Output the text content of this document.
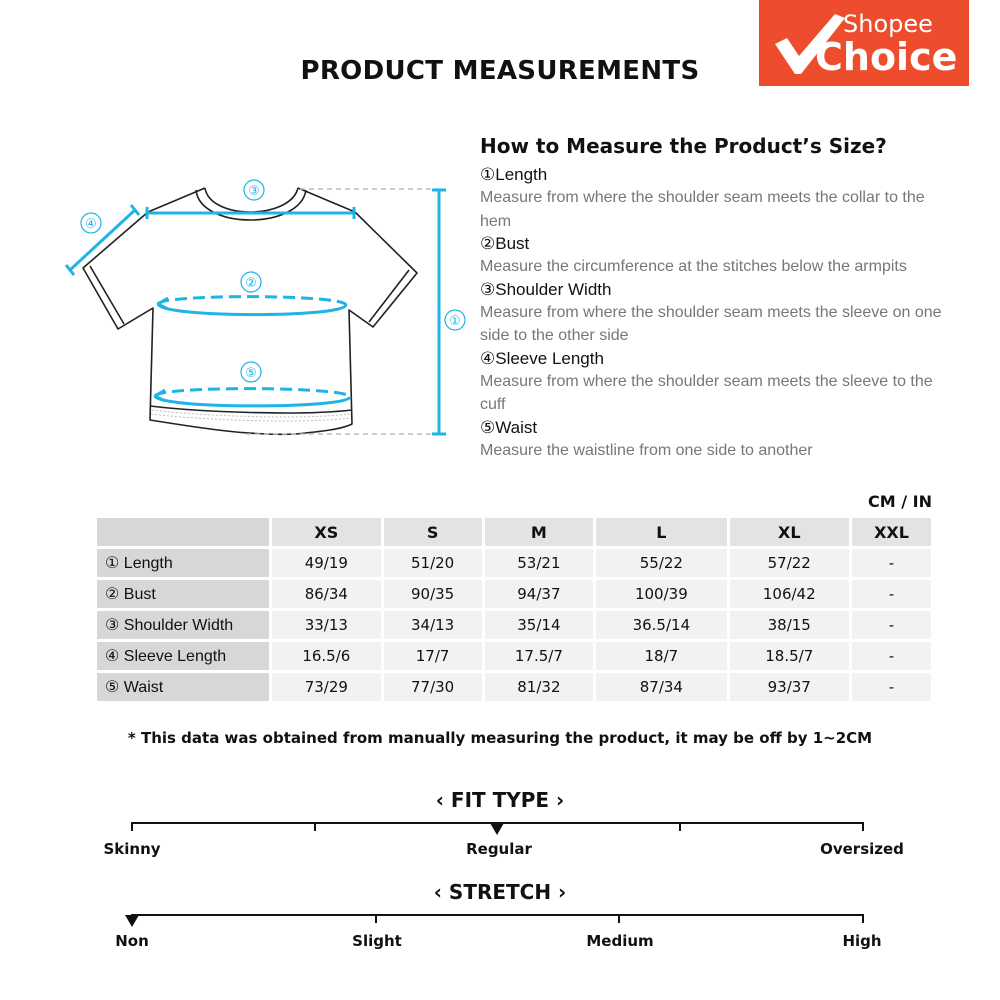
Shopee
Choice
PRODUCT MEASUREMENTS
①
②
③
④
⑤
How to Measure the Product’s Size?
①Length
Measure from where the shoulder seam meets the collar to the hem
②Bust
Measure the circumference at the stitches below the armpits
③Shoulder Width
Measure from where the shoulder seam meets the sleeve on one side to the other side
④Sleeve Length
Measure from where the shoulder seam meets the sleeve to the cuff
⑤Waist
Measure the waistline from one side to another
CM / IN
	XS	S	M	L	XL	XXL
① Length	49/19	51/20	53/21	55/22	57/22	-
② Bust	86/34	90/35	94/37	100/39	106/42	-
③ Shoulder Width	33/13	34/13	35/14	36.5/14	38/15	-
④ Sleeve Length	16.5/6	17/7	17.5/7	18/7	18.5/7	-
⑤ Waist	73/29	77/30	81/32	87/34	93/37	-
* This data was obtained from manually measuring the product, it may be off by 1~2CM
‹ FIT TYPE ›
Skinny	Regular	Oversized
‹ STRETCH ›
Non	Slight	Medium	High
